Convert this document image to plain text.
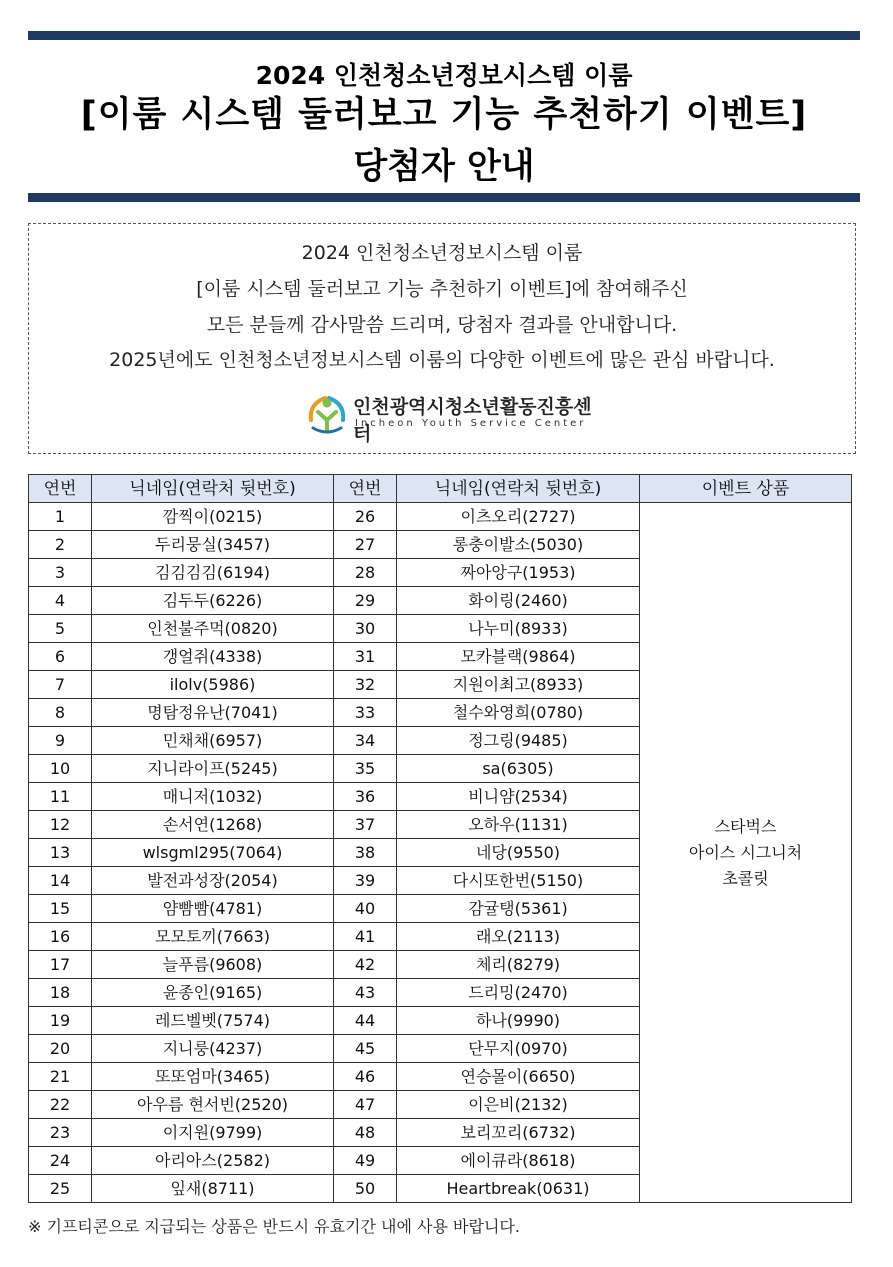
2024 인천청소년정보시스템 이룸
[이룸 시스템 둘러보고 기능 추천하기 이벤트]
당첨자 안내

2024 인천청소년정보시스템 이룸

[이룸 시스템 둘러보고 기능 추천하기 이벤트]에 참여해주신

모든 분들께 감사말씀 드리며, 당첨자 결과를 안내합니다.

2025년에도 인천청소년정보시스템 이룸의 다양한 이벤트에 많은 관심 바랍니다.

인천광역시청소년활동진흥센터
Incheon Youth Service Center
연번	닉네임(연락처 뒷번호)	연번	닉네임(연락처 뒷번호)	이벤트 상품
1	깜찍이(0215)	26	이츠오리(2727)	스타벅스
아이스 시그니처
초콜릿

2	두리뭉실(3457)	27	롱충이발소(5030)	
3	김김김김(6194)	28	짜아앙구(1953)	
4	김두두(6226)	29	화이링(2460)	
5	인천불주먹(0820)	30	나누미(8933)	
6	갱얼쥐(4338)	31	모카블랙(9864)	
7	ilolv(5986)	32	지원이최고(8933)	
8	명탐정유난(7041)	33	철수와영희(0780)	
9	민채채(6957)	34	정그링(9485)	
10	지니라이프(5245)	35	sa(6305)	
11	매니저(1032)	36	비니얌(2534)	
12	손서연(1268)	37	오하우(1131)	
13	wlsgml295(7064)	38	네당(9550)	
14	발전과성장(2054)	39	다시또한번(5150)	
15	얌빰빰(4781)	40	감귤탱(5361)	
16	모모토끼(7663)	41	래오(2113)	
17	늘푸름(9608)	42	체리(8279)	
18	윤종인(9165)	43	드리밍(2470)	
19	레드벨벳(7574)	44	하나(9990)	
20	지니룽(4237)	45	단무지(0970)	
21	또또엄마(3465)	46	연승몰이(6650)	
22	아우름 현서빈(2520)	47	이은비(2132)	
23	이지원(9799)	48	보리꼬리(6732)	
24	아리아스(2582)	49	에이큐라(8618)	
25	잎새(8711)	50	Heartbreak(0631)	
※ 기프티콘으로 지급되는 상품은 반드시 유효기간 내에 사용 바랍니다.
